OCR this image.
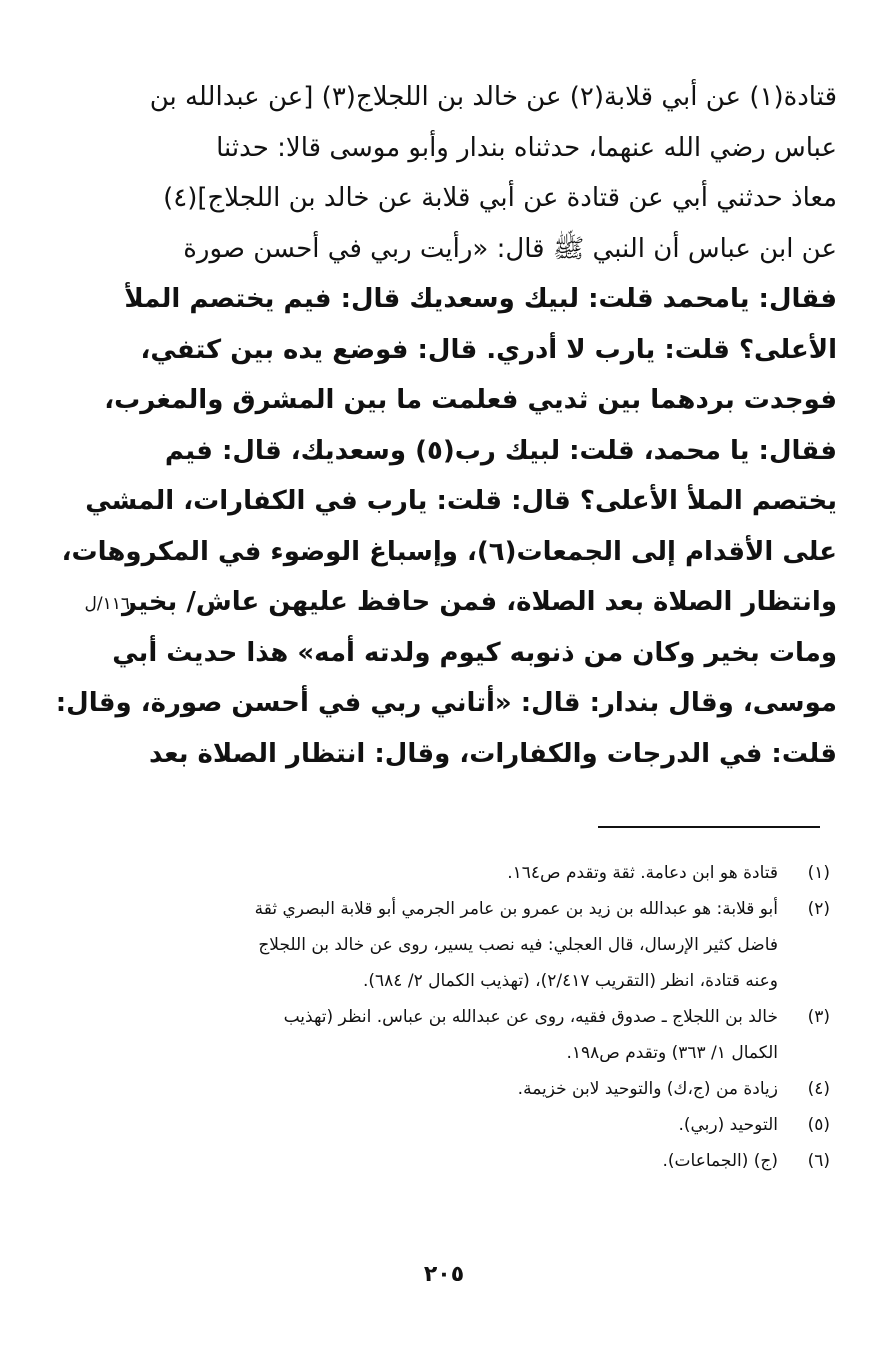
قتادة(١) عن أبي قلابة(٢) عن خالد بن اللجلاج(٣) [عن عبدالله بن
عباس رضي الله عنهما، حدثناه بندار وأبو موسى قالا: حدثنا
معاذ حدثني أبي عن قتادة عن أبي قلابة عن خالد بن اللجلاج](٤)
عن ابن عباس أن النبي ﷺ قال: «رأيت ربي في أحسن صورة
فقال: يامحمد قلت: لبيك وسعديك قال: فيم يختصم الملأ
الأعلى؟ قلت: يارب لا أدري. قال: فوضع يده بين كتفي،
فوجدت بردهما بين ثديي فعلمت ما بين المشرق والمغرب،
فقال: يا محمد، قلت: لبيك رب(٥) وسعديك، قال: فيم
يختصم الملأ الأعلى؟ قال: قلت: يارب في الكفارات، المشي
على الأقدام إلى الجمعات(٦)، وإسباغ الوضوء في المكروهات،
وانتظار الصلاة بعد الصلاة، فمن حافظ عليهن عاش/ بخير
ومات بخير وكان من ذنوبه كيوم ولدته أمه» هذا حديث أبي
موسى، وقال بندار: قال: «أتاني ربي في أحسن صورة، وقال:
قلت: في الدرجات والكفارات، وقال: انتظار الصلاة بعد
١١٦/ل
(١)
قتادة هو ابن دعامة. ثقة وتقدم ص١٦٤.
(٢)
أبو قلابة: هو عبدالله بن زيد بن عمرو بن عامر الجرمي أبو قلابة البصري ثقة
فاضل كثير الإرسال، قال العجلي: فيه نصب يسير، روى عن خالد بن اللجلاج
وعنه قتادة، انظر (التقريب ٢/٤١٧)، (تهذيب الكمال ٢/ ٦٨٤).
(٣)
خالد بن اللجلاج ـ صدوق فقيه، روى عن عبدالله بن عباس. انظر (تهذيب
الكمال ١/ ٣٦٣) وتقدم ص١٩٨.
(٤)
زيادة من (ج،ك) والتوحيد لابن خزيمة.
(٥)
التوحيد (ربي).
(٦)
(ج) (الجماعات).
٢٠٥
